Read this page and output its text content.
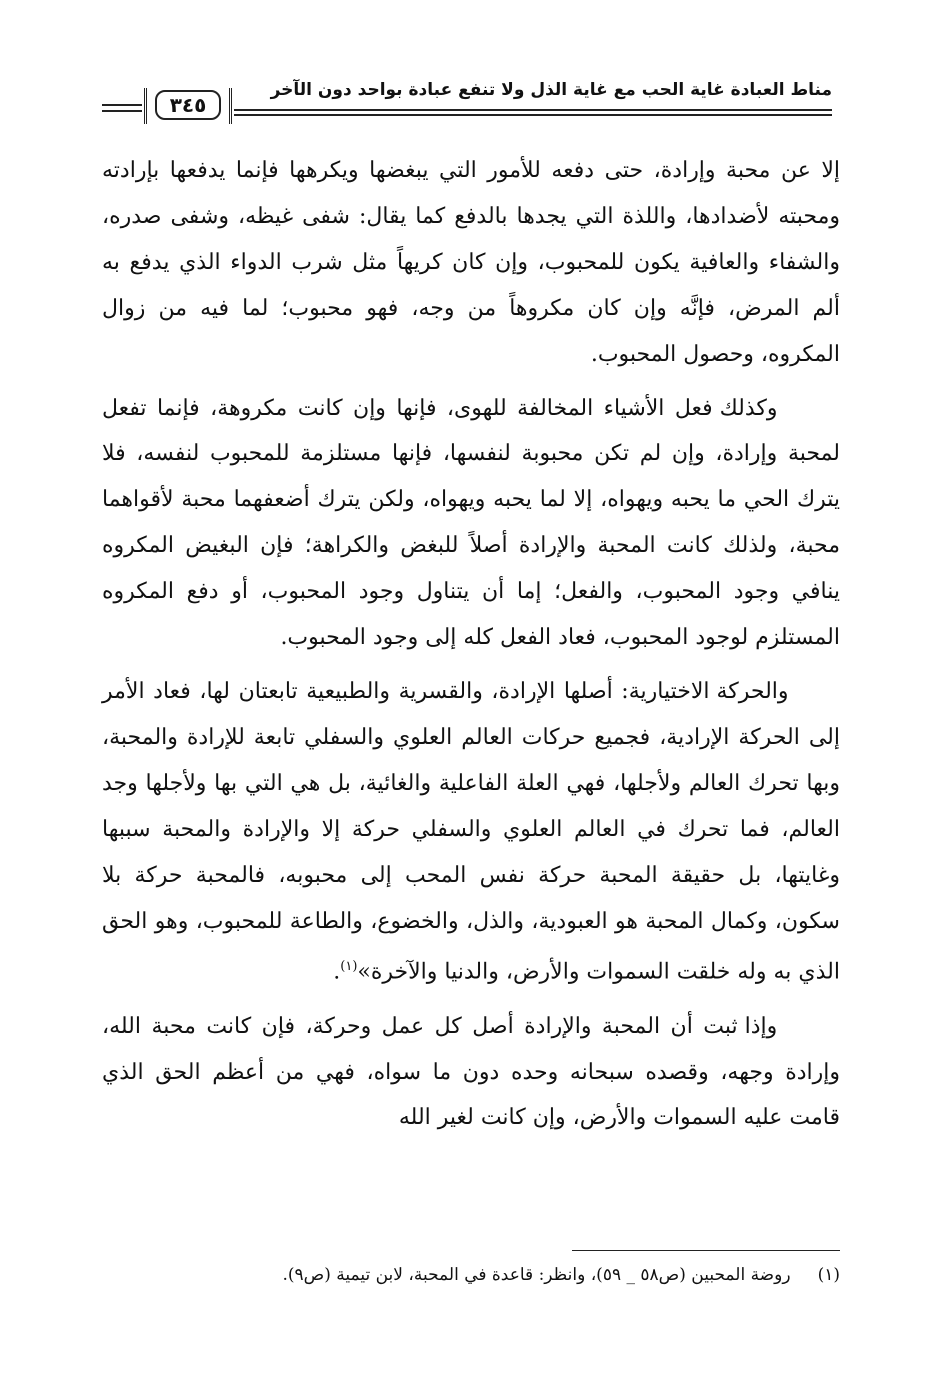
مناط العبادة غاية الحب مع غاية الذل ولا تنفع عبادة بواحد دون الآخر
٣٤٥

إلا عن محبة وإرادة، حتى دفعه للأمور التي يبغضها ويكرهها فإنما يدفعها بإرادته ومحبته لأضدادها، واللذة التي يجدها بالدفع كما يقال: شفى غيظه، وشفى صدره، والشفاء والعافية يكون للمحبوب، وإن كان كريهاً مثل شرب الدواء الذي يدفع به ألم المرض، فإنَّه وإن كان مكروهاً من وجه، فهو محبوب؛ لما فيه من زوال المكروه، وحصول المحبوب.

وكذلك فعل الأشياء المخالفة للهوى، فإنها وإن كانت مكروهة، فإنما تفعل لمحبة وإرادة، وإن لم تكن محبوبة لنفسها، فإنها مستلزمة للمحبوب لنفسه، فلا يترك الحي ما يحبه ويهواه، إلا لما يحبه ويهواه، ولكن يترك أضعفهما محبة لأقواهما محبة، ولذلك كانت المحبة والإرادة أصلاً للبغض والكراهة؛ فإن البغيض المكروه ينافي وجود المحبوب، والفعل؛ إما أن يتناول وجود المحبوب، أو دفع المكروه المستلزم لوجود المحبوب، فعاد الفعل كله إلى وجود المحبوب.

والحركة الاختيارية: أصلها الإرادة، والقسرية والطبيعية تابعتان لها، فعاد الأمر إلى الحركة الإرادية، فجميع حركات العالم العلوي والسفلي تابعة للإرادة والمحبة، وبها تحرك العالم ولأجلها، فهي العلة الفاعلية والغائية، بل هي التي بها ولأجلها وجد العالم، فما تحرك في العالم العلوي والسفلي حركة إلا والإرادة والمحبة سببها وغايتها، بل حقيقة المحبة حركة نفس المحب إلى محبوبه، فالمحبة حركة بلا سكون، وكمال المحبة هو العبودية، والذل، والخضوع، والطاعة للمحبوب، وهو الحق الذي به وله خلقت السموات والأرض، والدنيا والآخرة»$^{(١)}$.

وإذا ثبت أن المحبة والإرادة أصل كل عمل وحركة، فإن كانت محبة الله، وإرادة وجهه، وقصده سبحانه وحده دون ما سواه، فهي من أعظم الحق الذي قامت عليه السموات والأرض، وإن كانت لغير الله

(١)     روضة المحبين (ص٥٨ _ ٥٩)، وانظر: قاعدة في المحبة، لابن تيمية (ص٩).
